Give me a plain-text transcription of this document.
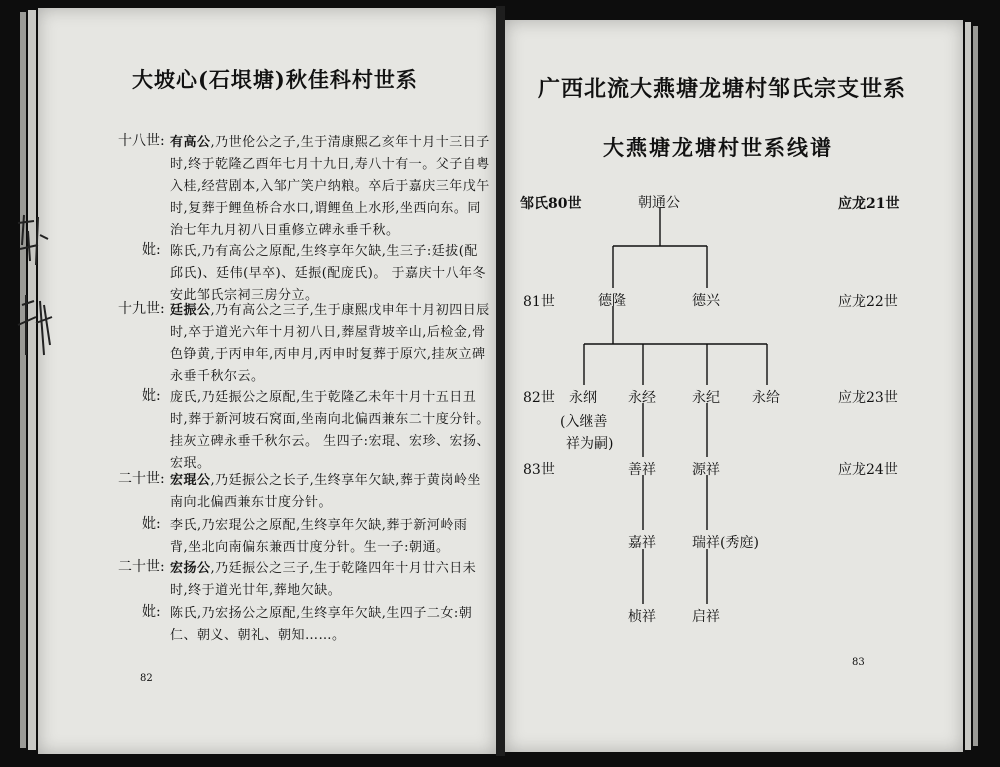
大坡心(石垠塘)秋佳科村世系
十八世: 有高公,乃世伦公之子,生于清康熙乙亥年十月十三日子
时,终于乾隆乙酉年七月十九日,寿八十有一。父子自粤
入桂,经营剧本,入邹广笑户纳粮。卒后于嘉庆三年戊午
时,复葬于鲤鱼桥合水口,谓鲤鱼上水形,坐西向东。同
治七年九月初八日重修立碑永垂千秋。
妣: 陈氏,乃有高公之原配,生终享年欠缺,生三子:廷拔(配
邱氏)、廷伟(早卒)、廷振(配庞氏)。 于嘉庆十八年冬
安此邹氏宗祠三房分立。
十九世: 廷振公,乃有高公之三子,生于康熙戊申年十月初四日辰
时,卒于道光六年十月初八日,葬屋背坡辛山,后检金,骨
色铮黄,于丙申年,丙申月,丙申时复葬于原穴,挂灰立碑
永垂千秋尔云。
妣: 庞氏,乃廷振公之原配,生于乾隆乙未年十月十五日丑
时,葬于新河坡石窝面,坐南向北偏西兼东二十度分针。
挂灰立碑永垂千秋尔云。 生四子:宏琨、宏珍、宏扬、
宏珉。
二十世: 宏琨公,乃廷振公之长子,生终享年欠缺,葬于黄岗岭坐
南向北偏西兼东廿度分针。
妣: 李氏,乃宏琨公之原配,生终享年欠缺,葬于新河岭雨
背,坐北向南偏东兼西廿度分针。生一子:朝通。
二十世: 宏扬公,乃廷振公之三子,生于乾隆四年十月廿六日未
时,终于道光廿年,葬地欠缺。
妣: 陈氏,乃宏扬公之原配,生终享年欠缺,生四子二女:朝
仁、朝义、朝礼、朝知……。
82
广西北流大燕塘龙塘村邹氏宗支世系
大燕塘龙塘村世系线谱
邹氏80世
81世
82世
83世
应龙21世
应龙22世
应龙23世
应龙24世
朝通公
德隆	德兴
永纲 永经	永纪 永给
(入继善
祥为嗣)
善祥	源祥
嘉祥	瑞祥(秀庭)
桢祥	启祥
83
